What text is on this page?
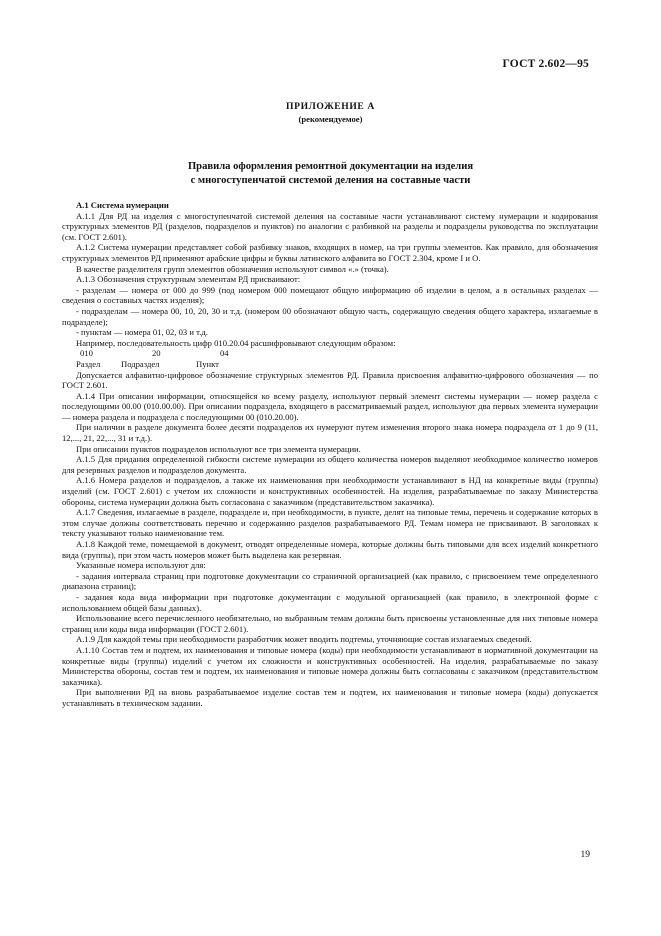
ГОСТ 2.602—95
ПРИЛОЖЕНИЕ А
(рекомендуемое)
Правила оформления ремонтной документации на изделия
с многоступенчатой системой деления на составные части

А.1 Система нумерации

А.1.1 Для РД на изделия с многоступенчатой системой деления на составные части устанавливают систему нумерации и кодирования структурных элементов РД (разделов, подразделов и пунктов) по аналогии с разбивкой на разделы и подразделы руководства по эксплуатации (см. ГОСТ 2.601).

А.1.2 Система нумерации представляет собой разбивку знаков, входящих в номер, на три группы элементов. Как правило, для обозначения структурных элементов РД применяют арабские цифры и буквы латинского алфавита во ГОСТ 2.304, кроме I и O.

В качестве разделителя групп элементов обозначения используют символ «.» (точка).

А.1.3 Обозначения структурным элементам РД присваивают:

- разделам — номера от 000 до 999 (под номером 000 помещают общую информацию об изделии в целом, а в остальных разделах — сведения о составных частях изделия);

- подразделам — номера 00, 10, 20, 30 и т.д. (номером 00 обозначают общую часть, содержащую сведения общего характера, излагаемые в подразделе);

- пунктам — номера 01, 02, 03 и т.д.

Например, последовательность цифр 010.20.04 расшифровывают следующим образом:

010	20	04
Раздел	Подраздел	Пункт

Допускается алфавитно-цифровое обозначение структурных элементов РД. Правила присвоения алфавитно-цифрового обозначения — по ГОСТ 2.601.

А.1.4 При описании информации, относящейся ко всему разделу, используют первый элемент системы нумерации — номер раздела с последующими 00.00 (010.00.00). При описании подраздела, входящего в рассматриваемый раздел, используют два первых элемента нумерации — номера раздела и подраздела с последующими 00 (010.20.00).

При наличии в разделе документа более десяти подразделов их нумеруют путем изменения второго знака номера подраздела от 1 до 9 (11, 12,..., 21, 22,..., 31 и т.д.).

При описании пунктов подразделов используют все три элемента нумерации.

А.1.5 Для придания определенной гибкости системе нумерации из общего количества номеров выделяют необходимое количество номеров для резервных разделов и подразделов документа.

А.1.6 Номера разделов и подразделов, а также их наименования при необходимости устанавливают в НД на конкретные виды (группы) изделий (см. ГОСТ 2.601) с учетом их сложности и конструктивных особенностей. На изделия, разрабатываемые по заказу Министерства обороны, система нумерации должна быть согласована с заказчиком (представительством заказчика).

А.1.7 Сведения, излагаемые в разделе, подразделе и, при необходимости, в пункте, делят на типовые темы, перечень и содержание которых в этом случае должны соответствовать перечню и содержанию разделов разрабатываемого РД. Темам номера не присваивают. В заголовках к тексту указывают только наименование тем.

А.1.8 Каждой теме, помещаемой в документ, отводят определенные номера, которые должны быть типовыми для всех изделий конкретного вида (группы), при этом часть номеров может быть выделена как резервная.

Указанные номера используют для:

- задания интервала страниц при подготовке документации со страничной организацией (как правило, с присвоением теме определенного диапазона страниц);

- задания кода вида информации при подготовке документации с модульной организацией (как правило, в электронной форме с использованием общей базы данных).

Использование всего перечисленного необязательно, но выбранным темам должны быть присвоены установленные для них типовые номера страниц или коды вида информации (ГОСТ 2.601).

А.1.9 Для каждой темы при необходимости разработчик может вводить подтемы, уточняющие состав излагаемых сведений.

А.1.10 Состав тем и подтем, их наименования и типовые номера (коды) при необходимости устанавливают в нормативной документации на конкретные виды (группы) изделий с учетом их сложности и конструктивных особенностей. На изделия, разрабатываемые по заказу Министерства обороны, состав тем и подтем, их наименования и типовые номера должны быть согласованы с заказчиком (представительством заказчика).

При выполнении РД на вновь разрабатываемое изделие состав тем и подтем, их наименования и типовые номера (коды) допускается устанавливать в техническом задании.

19
